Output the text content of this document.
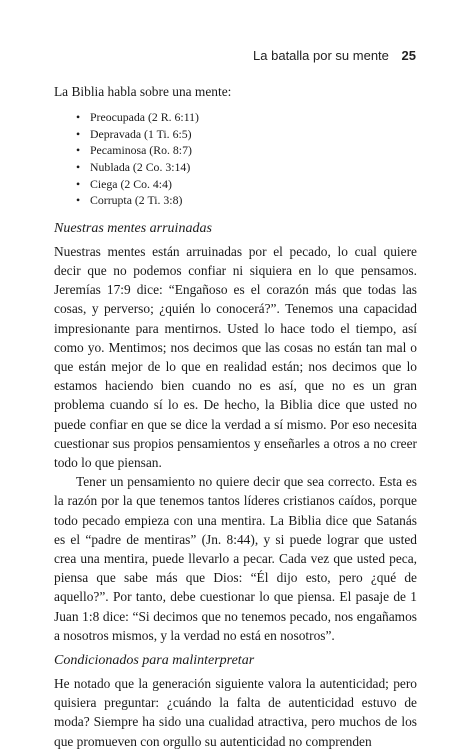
La batalla por su mente 25

La Biblia habla sobre una mente:

• Preocupada (2 R. 6:11)
• Depravada (1 Ti. 6:5)
• Pecaminosa (Ro. 8:7)
• Nublada (2 Co. 3:14)
• Ciega (2 Co. 4:4)
• Corrupta (2 Ti. 3:8)
Nuestras mentes arruinadas

Nuestras mentes están arruinadas por el pecado, lo cual quiere decir que no podemos confiar ni siquiera en lo que pensamos. Jeremías 17:9 dice: “Engañoso es el corazón más que todas las cosas, y perverso; ¿quién lo conocerá?”. Tenemos una capacidad impresionante para mentirnos. Usted lo hace todo el tiempo, así como yo. Mentimos; nos decimos que las cosas no están tan mal o que están mejor de lo que en realidad están; nos decimos que lo estamos haciendo bien cuando no es así, que no es un gran problema cuando sí lo es. De hecho, la Biblia dice que usted no puede confiar en que se dice la verdad a sí mismo. Por eso necesita cuestionar sus propios pensamientos y enseñarles a otros a no creer todo lo que piensan.

Tener un pensamiento no quiere decir que sea correcto. Esta es la razón por la que tenemos tantos líderes cristianos caídos, porque todo pecado empieza con una mentira. La Biblia dice que Satanás es el “padre de mentiras” (Jn. 8:44), y si puede lograr que usted crea una mentira, puede llevarlo a pecar. Cada vez que usted peca, piensa que sabe más que Dios: “Él dijo esto, pero ¿qué de aquello?”. Por tanto, debe cuestionar lo que piensa. El pasaje de 1 Juan 1:8 dice: “Si decimos que no tenemos pecado, nos engañamos a nosotros mismos, y la verdad no está en nosotros”.

Condicionados para malinterpretar

He notado que la generación siguiente valora la autenticidad; pero quisiera preguntar: ¿cuándo la falta de autenticidad estuvo de moda? Siempre ha sido una cualidad atractiva, pero muchos de los que promueven con orgullo su autenticidad no comprenden
